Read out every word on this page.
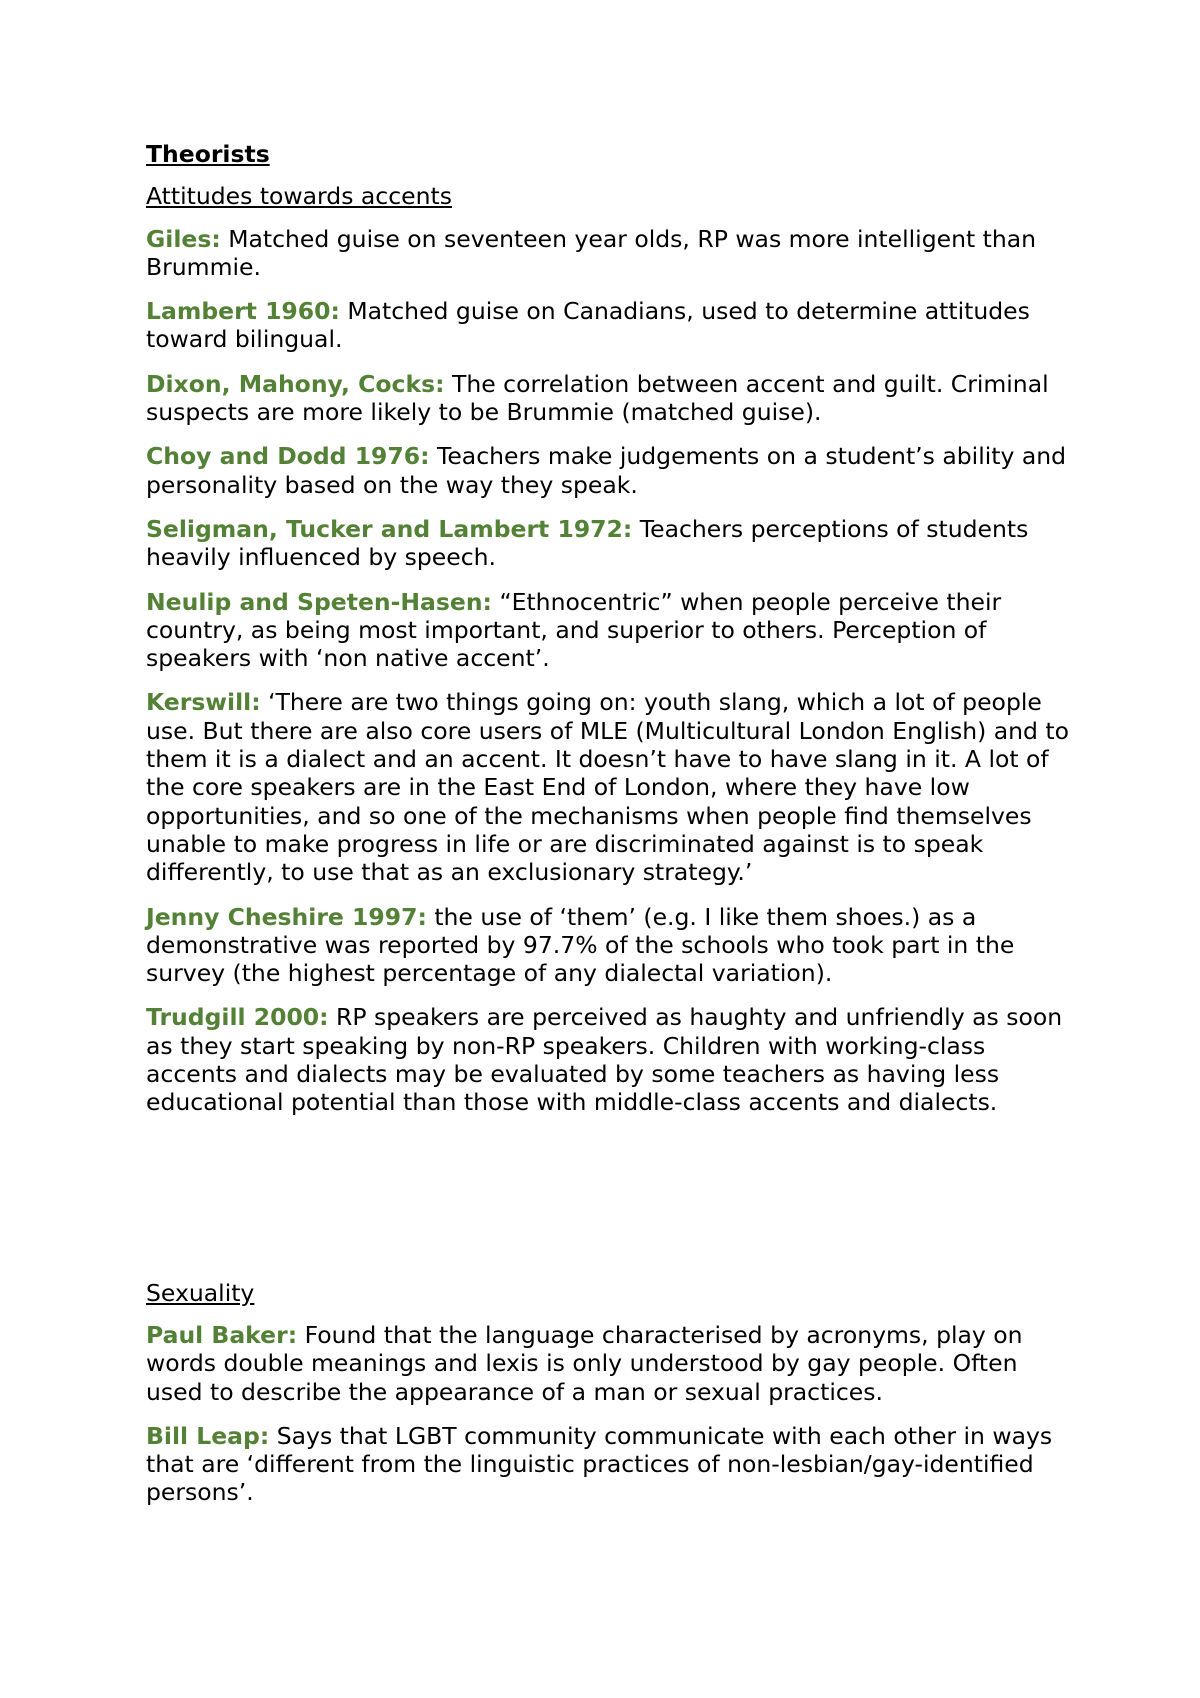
Theorists
Attitudes towards accents

Giles: Matched guise on seventeen year olds, RP was more intelligent than Brummie.

Lambert 1960: Matched guise on Canadians, used to determine attitudes toward bilingual.

Dixon, Mahony, Cocks: The correlation between accent and guilt. Criminal suspects are more likely to be Brummie (matched guise).

Choy and Dodd 1976: Teachers make judgements on a student’s ability and personality based on the way they speak.

Seligman, Tucker and Lambert 1972: Teachers perceptions of students heavily influenced by speech.

Neulip and Speten-Hasen: “Ethnocentric” when people perceive their country, as being most important, and superior to others. Perception of speakers with ‘non native accent’.

Kerswill: ‘There are two things going on: youth slang, which a lot of people use. But there are also core users of MLE (Multicultural London English) and to them it is a dialect and an accent. It doesn’t have to have slang in it. A lot of the core speakers are in the East End of London, where they have low opportunities, and so one of the mechanisms when people find themselves unable to make progress in life or are discriminated against is to speak differently, to use that as an exclusionary strategy.’

Jenny Cheshire 1997: the use of ‘them’ (e.g. I like them shoes.) as a demonstrative was reported by 97.7% of the schools who took part in the survey (the highest percentage of any dialectal variation).

Trudgill 2000: RP speakers are perceived as haughty and unfriendly as soon as they start speaking by non-RP speakers. Children with working-class accents and dialects may be evaluated by some teachers as having less educational potential than those with middle-class accents and dialects.

Sexuality

Paul Baker: Found that the language characterised by acronyms, play on words double meanings and lexis is only understood by gay people. Often used to describe the appearance of a man or sexual practices.

Bill Leap: Says that LGBT community communicate with each other in ways that are ‘different from the linguistic practices of non-lesbian/gay-identified persons’.
